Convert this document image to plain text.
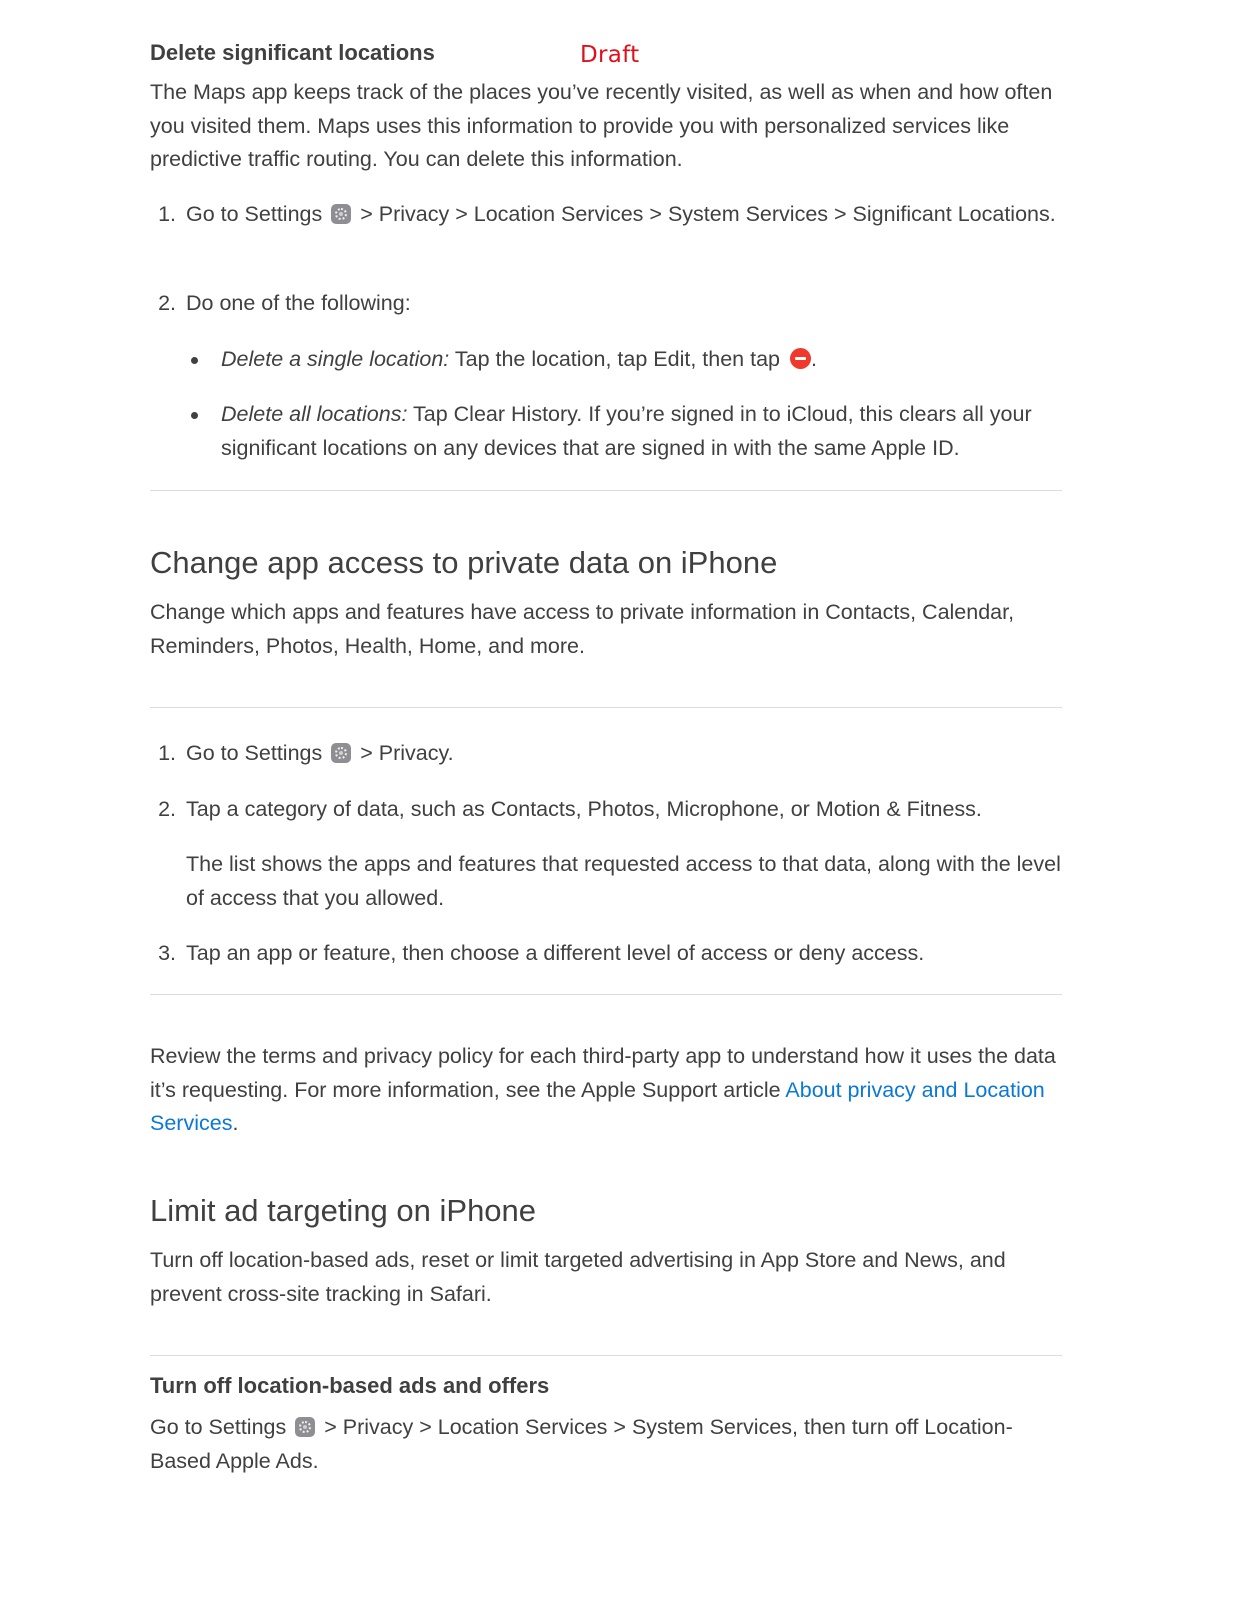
Draft
Delete significant locations
The Maps app keeps track of the places you’ve recently visited, as well as when and how often you visited them. Maps uses this information to provide you with personalized services like predictive traffic routing. You can delete this information.
1. Go to Settings > Privacy > Location Services > System Services > Significant Locations.
2. Do one of the following:
Delete a single location: Tap the location, tap Edit, then tap .
Delete all locations: Tap Clear History. If you’re signed in to iCloud, this clears all your significant locations on any devices that are signed in with the same Apple ID.
Change app access to private data on iPhone
Change which apps and features have access to private information in Contacts, Calendar, Reminders, Photos, Health, Home, and more.
1. Go to Settings > Privacy.
2. Tap a category of data, such as Contacts, Photos, Microphone, or Motion & Fitness.
The list shows the apps and features that requested access to that data, along with the level of access that you allowed.
3. Tap an app or feature, then choose a different level of access or deny access.
Review the terms and privacy policy for each third-party app to understand how it uses the data it’s requesting. For more information, see the Apple Support article About privacy and Location Services.
Limit ad targeting on iPhone
Turn off location-based ads, reset or limit targeted advertising in App Store and News, and prevent cross-site tracking in Safari.
Turn off location-based ads and offers
Go to Settings > Privacy > Location Services > System Services, then turn off Location-Based Apple Ads.
